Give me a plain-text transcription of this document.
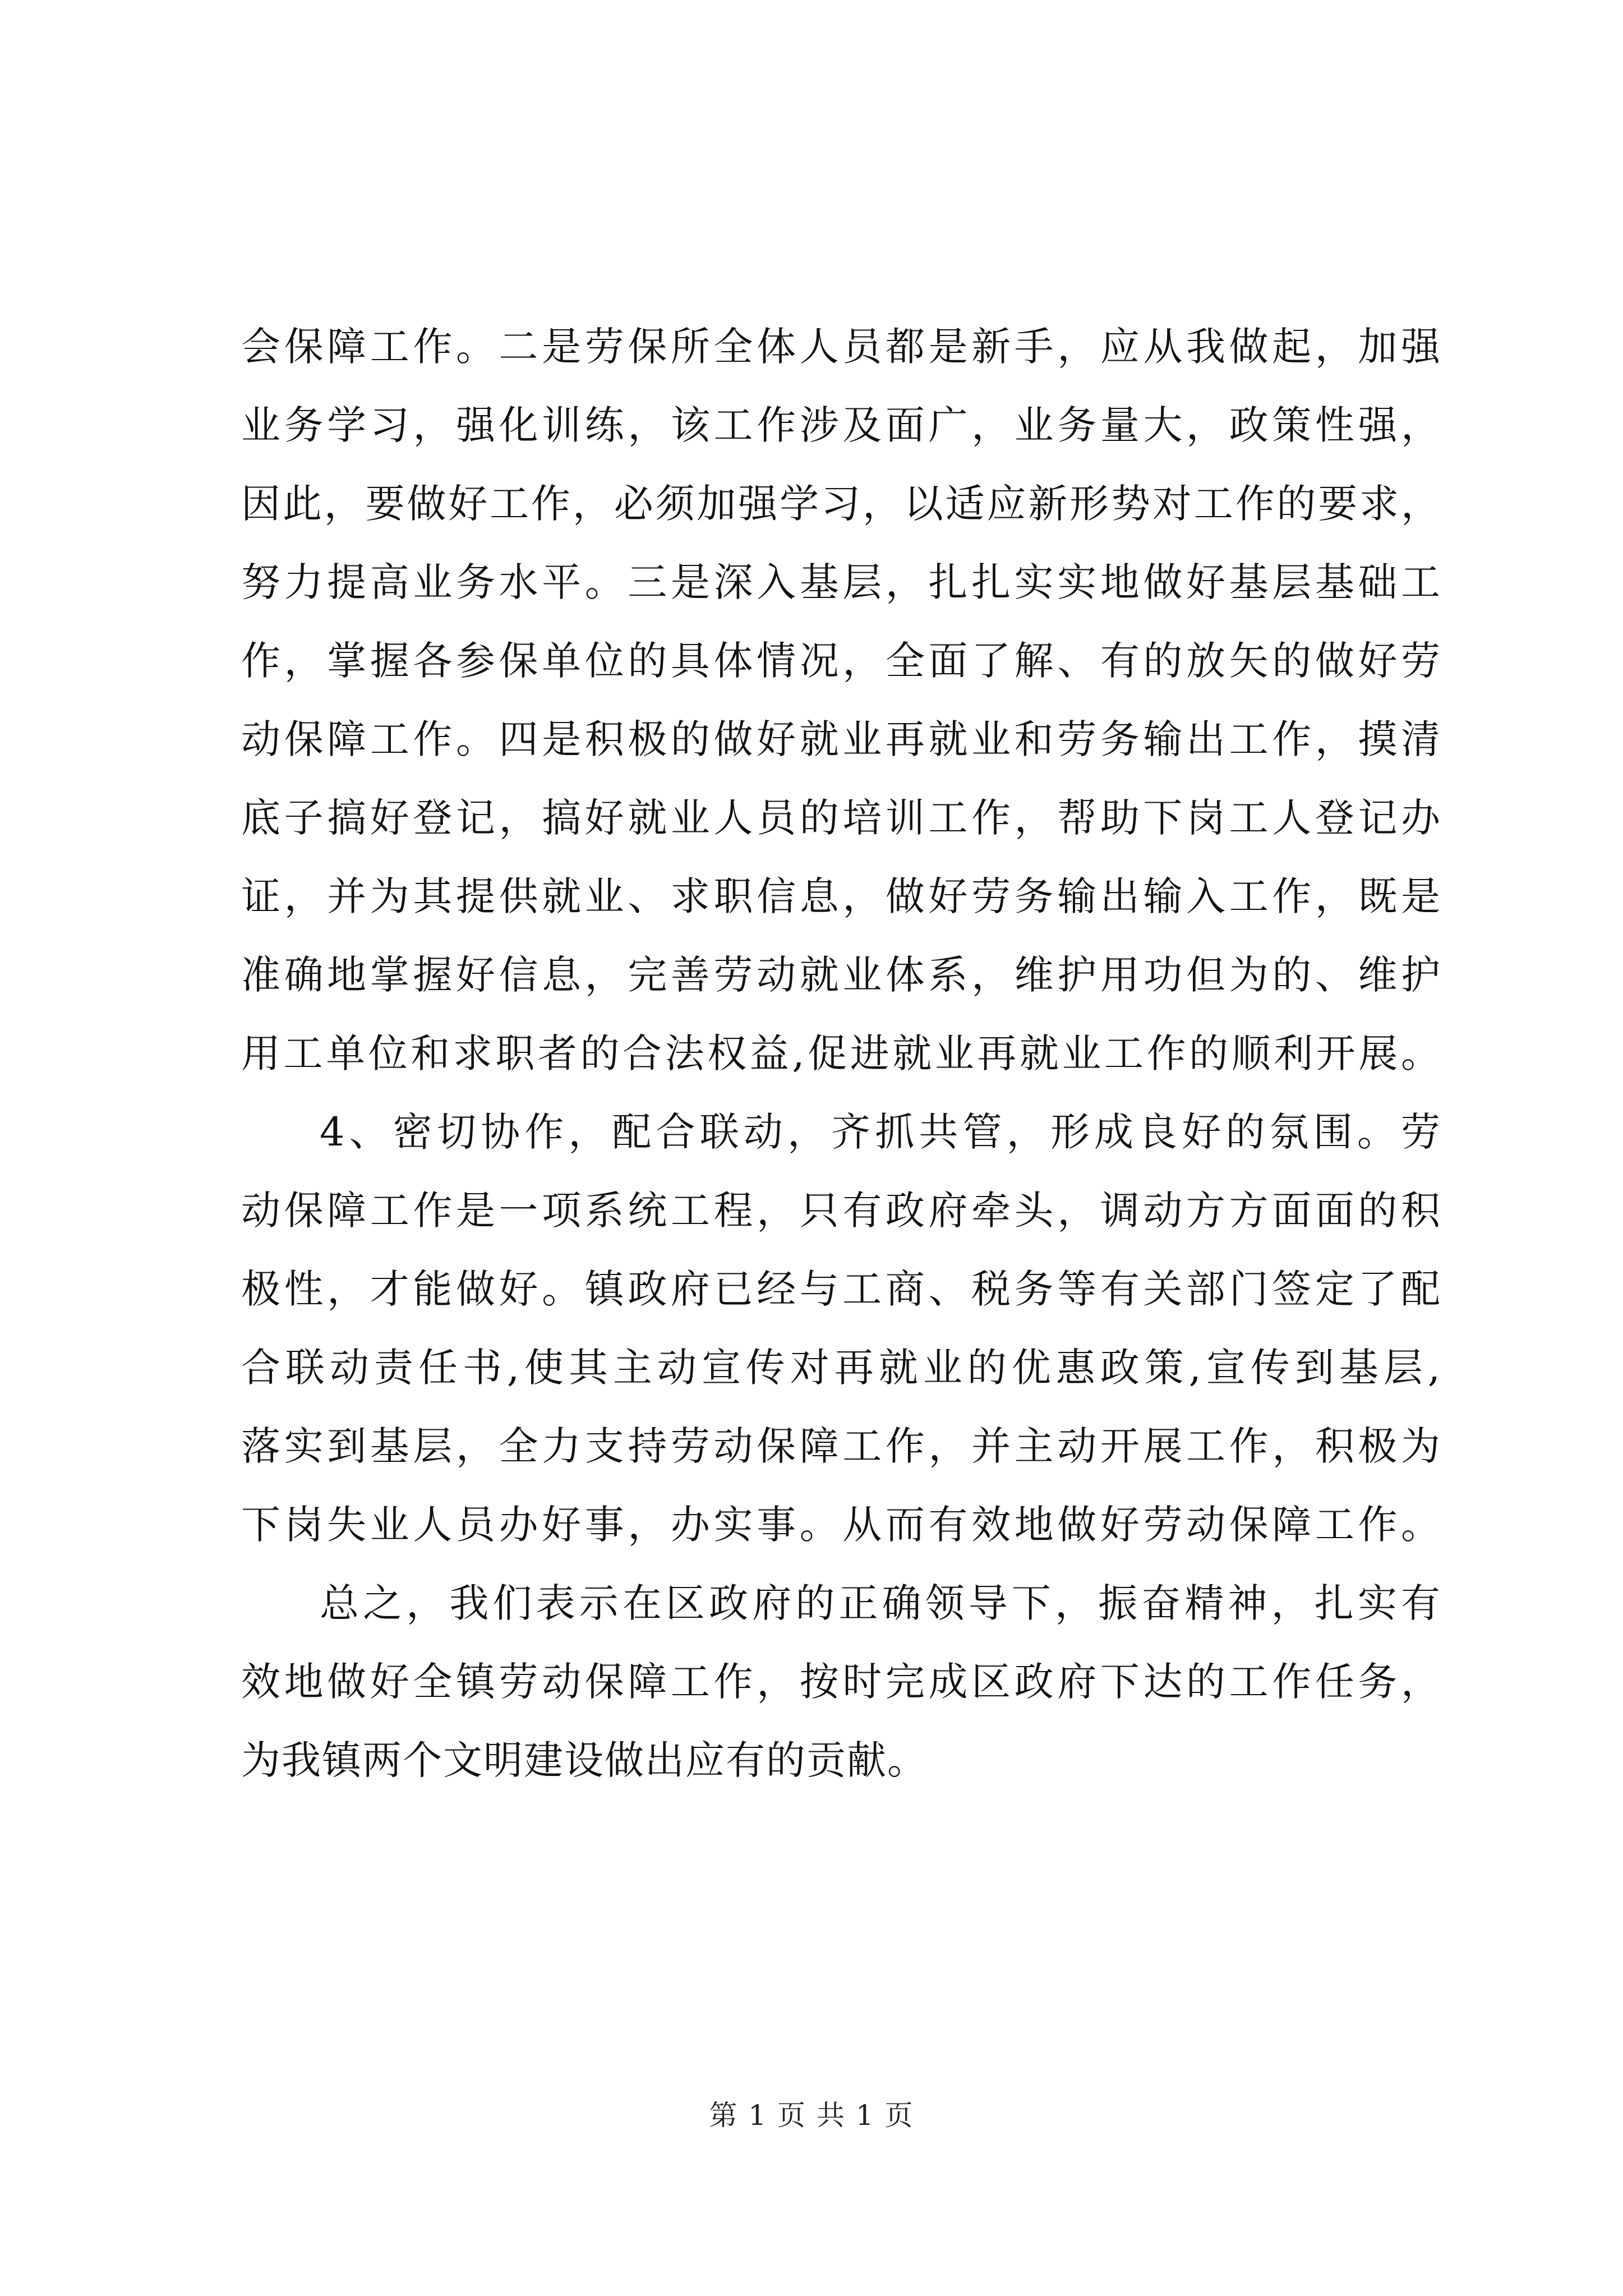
会保障工作。二是劳保所全体人员都是新手，应从我做起，加强
业务学习，强化训练，该工作涉及面广，业务量大，政策性强，
因此，要做好工作，必须加强学习，以适应新形势对工作的要求，
努力提高业务水平。三是深入基层，扎扎实实地做好基层基础工
作，掌握各参保单位的具体情况，全面了解、有的放矢的做好劳
动保障工作。四是积极的做好就业再就业和劳务输出工作，摸清
底子搞好登记，搞好就业人员的培训工作，帮助下岗工人登记办
证，并为其提供就业、求职信息，做好劳务输出输入工作，既是
准确地掌握好信息，完善劳动就业体系，维护用功但为的、维护
用工单位和求职者的合法权益,促进就业再就业工作的顺利开展。
4、密切协作，配合联动，齐抓共管，形成良好的氛围。劳
动保障工作是一项系统工程，只有政府牵头，调动方方面面的积
极性，才能做好。镇政府已经与工商、税务等有关部门签定了配
合联动责任书,使其主动宣传对再就业的优惠政策,宣传到基层,
落实到基层，全力支持劳动保障工作，并主动开展工作，积极为
下岗失业人员办好事，办实事。从而有效地做好劳动保障工作。
总之，我们表示在区政府的正确领导下，振奋精神，扎实有
效地做好全镇劳动保障工作，按时完成区政府下达的工作任务，
为我镇两个文明建设做出应有的贡献。
第 1 页 共 1 页
